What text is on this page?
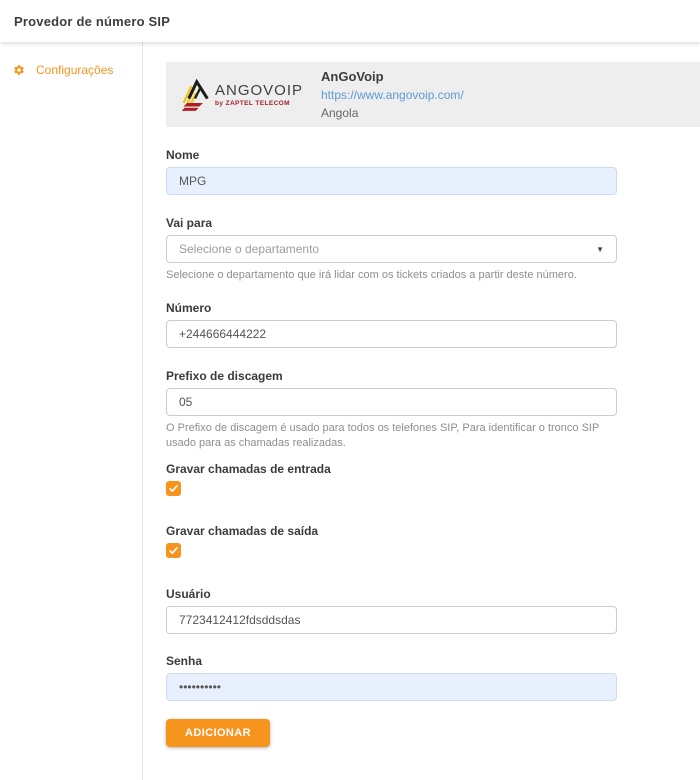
Provedor de número SIP
Configurações
ANGOVOIP
by ZAPTEL TELECOM
AnGoVoip
https://www.angovoip.com/
Angola
Nome
MPG
Vai para
Selecione o departamento	▼
Selecione o departamento que irá lidar com os tickets criados a partir deste número.
Número
+244666444222
Prefixo de discagem
05
O Prefixo de discagem é usado para todos os telefones SIP, Para identificar o tronco SIP usado para as chamadas realizadas.
Gravar chamadas de entrada
Gravar chamadas de saída
Usuário
7723412412fdsddsdas
Senha
••••••••••
ADICIONAR
